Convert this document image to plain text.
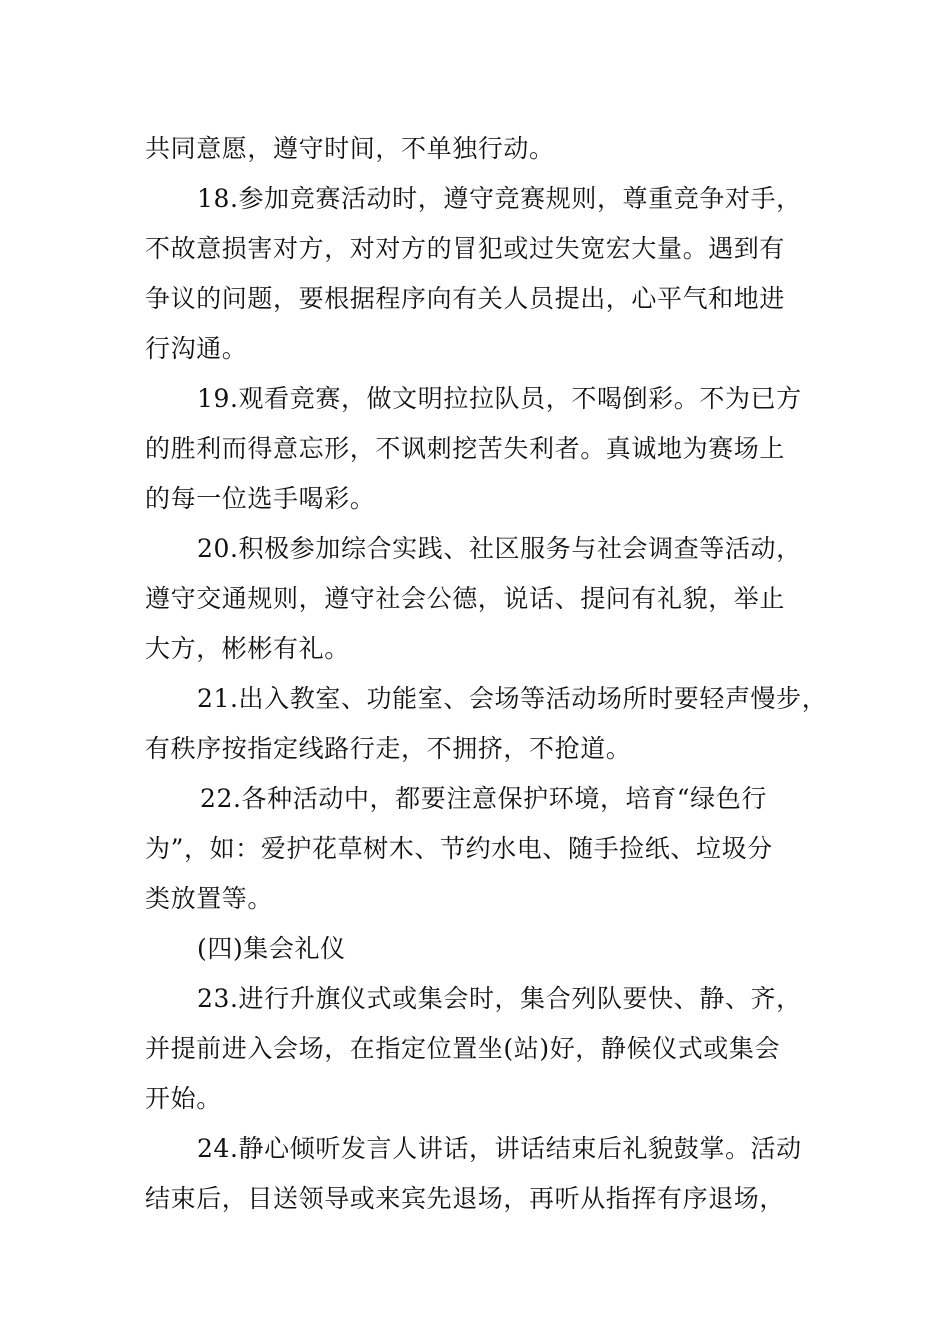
共同意愿，遵守时间，不单独行动。
18.参加竞赛活动时，遵守竞赛规则，尊重竞争对手，
不故意损害对方，对对方的冒犯或过失宽宏大量。遇到有
争议的问题，要根据程序向有关人员提出，心平气和地进
行沟通。
19.观看竞赛，做文明拉拉队员，不喝倒彩。不为已方
的胜利而得意忘形，不讽刺挖苦失利者。真诚地为赛场上
的每一位选手喝彩。
20.积极参加综合实践、社区服务与社会调查等活动，
遵守交通规则，遵守社会公德，说话、提问有礼貌，举止
大方，彬彬有礼。
21.出入教室、功能室、会场等活动场所时要轻声慢步，
有秩序按指定线路行走，不拥挤，不抢道。
22.各种活动中，都要注意保护环境，培育“绿色行
为”，如：爱护花草树木、节约水电、随手捡纸、垃圾分
类放置等。
(四)集会礼仪
23.进行升旗仪式或集会时，集合列队要快、静、齐，
并提前进入会场，在指定位置坐(站)好，静候仪式或集会
开始。
24.静心倾听发言人讲话，讲话结束后礼貌鼓掌。活动
结束后，目送领导或来宾先退场，再听从指挥有序退场，
